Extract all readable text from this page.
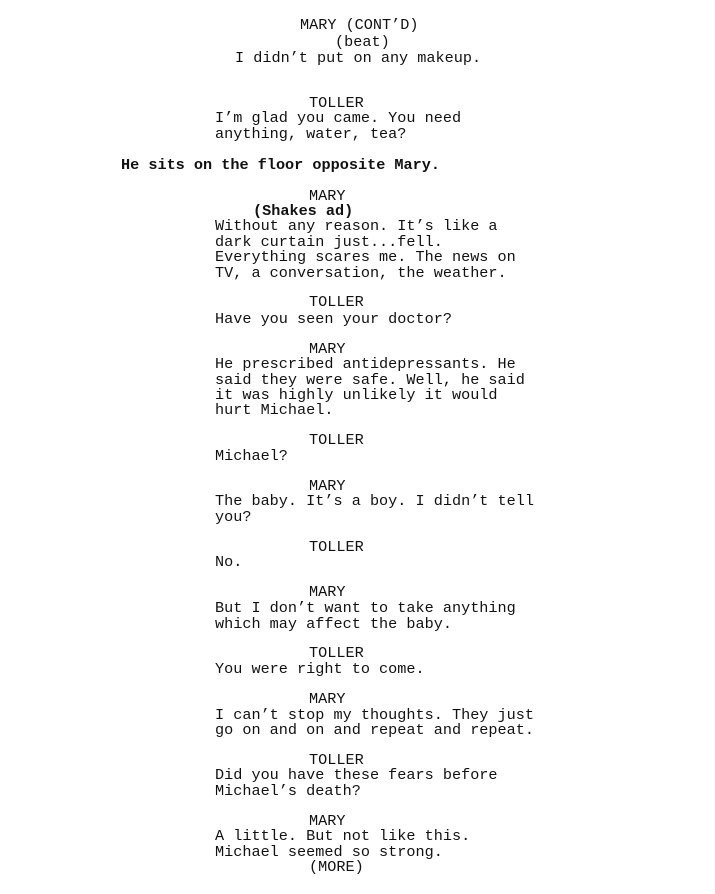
MARY (CONT’D)
(beat)
I didn’t put on any makeup.
TOLLER
I’m glad you came. You need
anything, water, tea?
He sits on the floor opposite Mary.
MARY
(Shakes ad)
Without any reason. It’s like a
dark curtain just...fell.
Everything scares me. The news on
TV, a conversation, the weather.
TOLLER
Have you seen your doctor?
MARY
He prescribed antidepressants. He
said they were safe. Well, he said
it was highly unlikely it would
hurt Michael.
TOLLER
Michael?
MARY
The baby. It’s a boy. I didn’t tell
you?
TOLLER
No.
MARY
But I don’t want to take anything
which may affect the baby.
TOLLER
You were right to come.
MARY
I can’t stop my thoughts. They just
go on and on and repeat and repeat.
TOLLER
Did you have these fears before
Michael’s death?
MARY
A little. But not like this.
Michael seemed so strong.
(MORE)
